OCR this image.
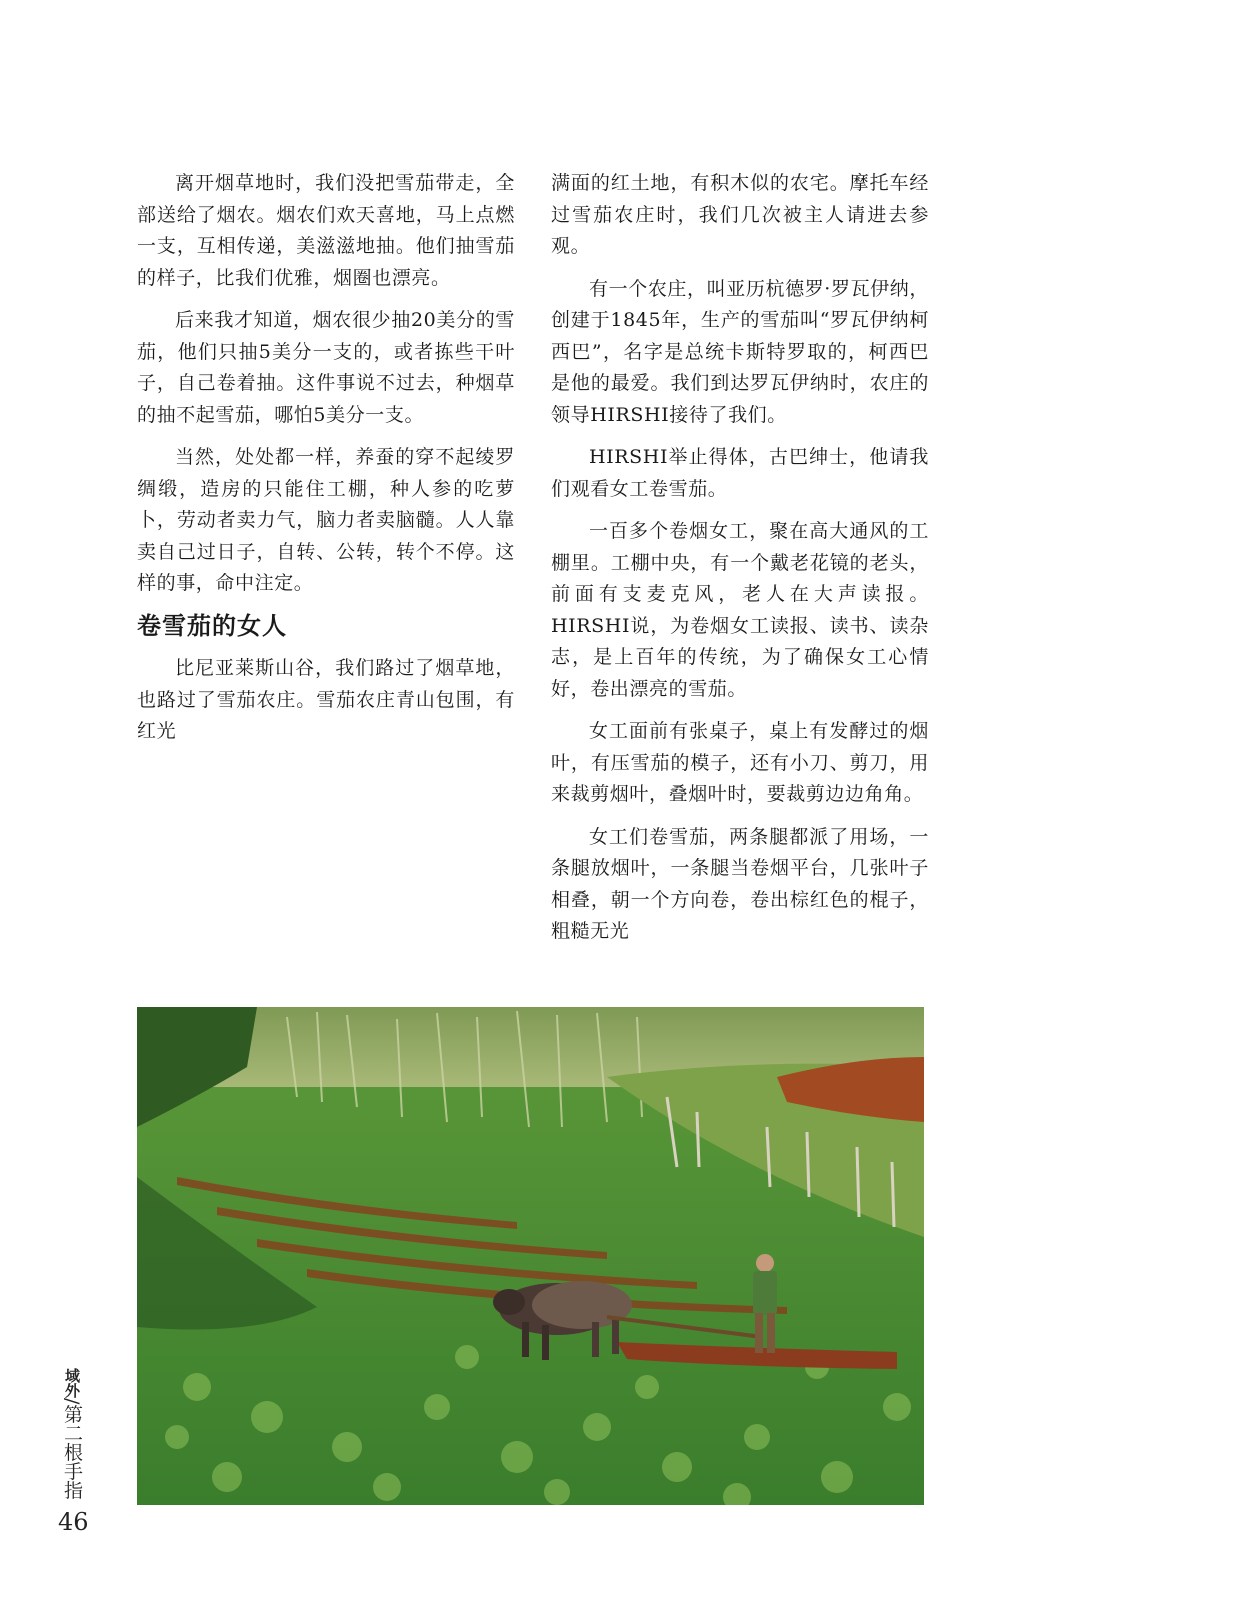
离开烟草地时，我们没把雪茄带走，全部送给了烟农。烟农们欢天喜地，马上点燃一支，互相传递，美滋滋地抽。他们抽雪茄的样子，比我们优雅，烟圈也漂亮。

后来我才知道，烟农很少抽20美分的雪茄，他们只抽5美分一支的，或者拣些干叶子，自己卷着抽。这件事说不过去，种烟草的抽不起雪茄，哪怕5美分一支。

当然，处处都一样，养蚕的穿不起绫罗绸缎，造房的只能住工棚，种人参的吃萝卜，劳动者卖力气，脑力者卖脑髓。人人靠卖自己过日子，自转、公转，转个不停。这样的事，命中注定。

卷雪茄的女人

比尼亚莱斯山谷，我们路过了烟草地，也路过了雪茄农庄。雪茄农庄青山包围，有红光

满面的红土地，有积木似的农宅。摩托车经过雪茄农庄时，我们几次被主人请进去参观。

有一个农庄，叫亚历杭德罗·罗瓦伊纳，创建于1845年，生产的雪茄叫“罗瓦伊纳柯西巴”，名字是总统卡斯特罗取的，柯西巴是他的最爱。我们到达罗瓦伊纳时，农庄的领导HIRSHI接待了我们。

HIRSHI举止得体，古巴绅士，他请我们观看女工卷雪茄。

一百多个卷烟女工，聚在高大通风的工棚里。工棚中央，有一个戴老花镜的老头，前面有支麦克风，老人在大声读报。HIRSHI说，为卷烟女工读报、读书、读杂志，是上百年的传统，为了确保女工心情好，卷出漂亮的雪茄。

女工面前有张桌子，桌上有发酵过的烟叶，有压雪茄的模子，还有小刀、剪刀，用来裁剪烟叶，叠烟叶时，要裁剪边边角角。

女工们卷雪茄，两条腿都派了用场，一条腿放烟叶，一条腿当卷烟平台，几张叶子相叠，朝一个方向卷，卷出棕红色的棍子，粗糙无光

域外/第二根手指
46
